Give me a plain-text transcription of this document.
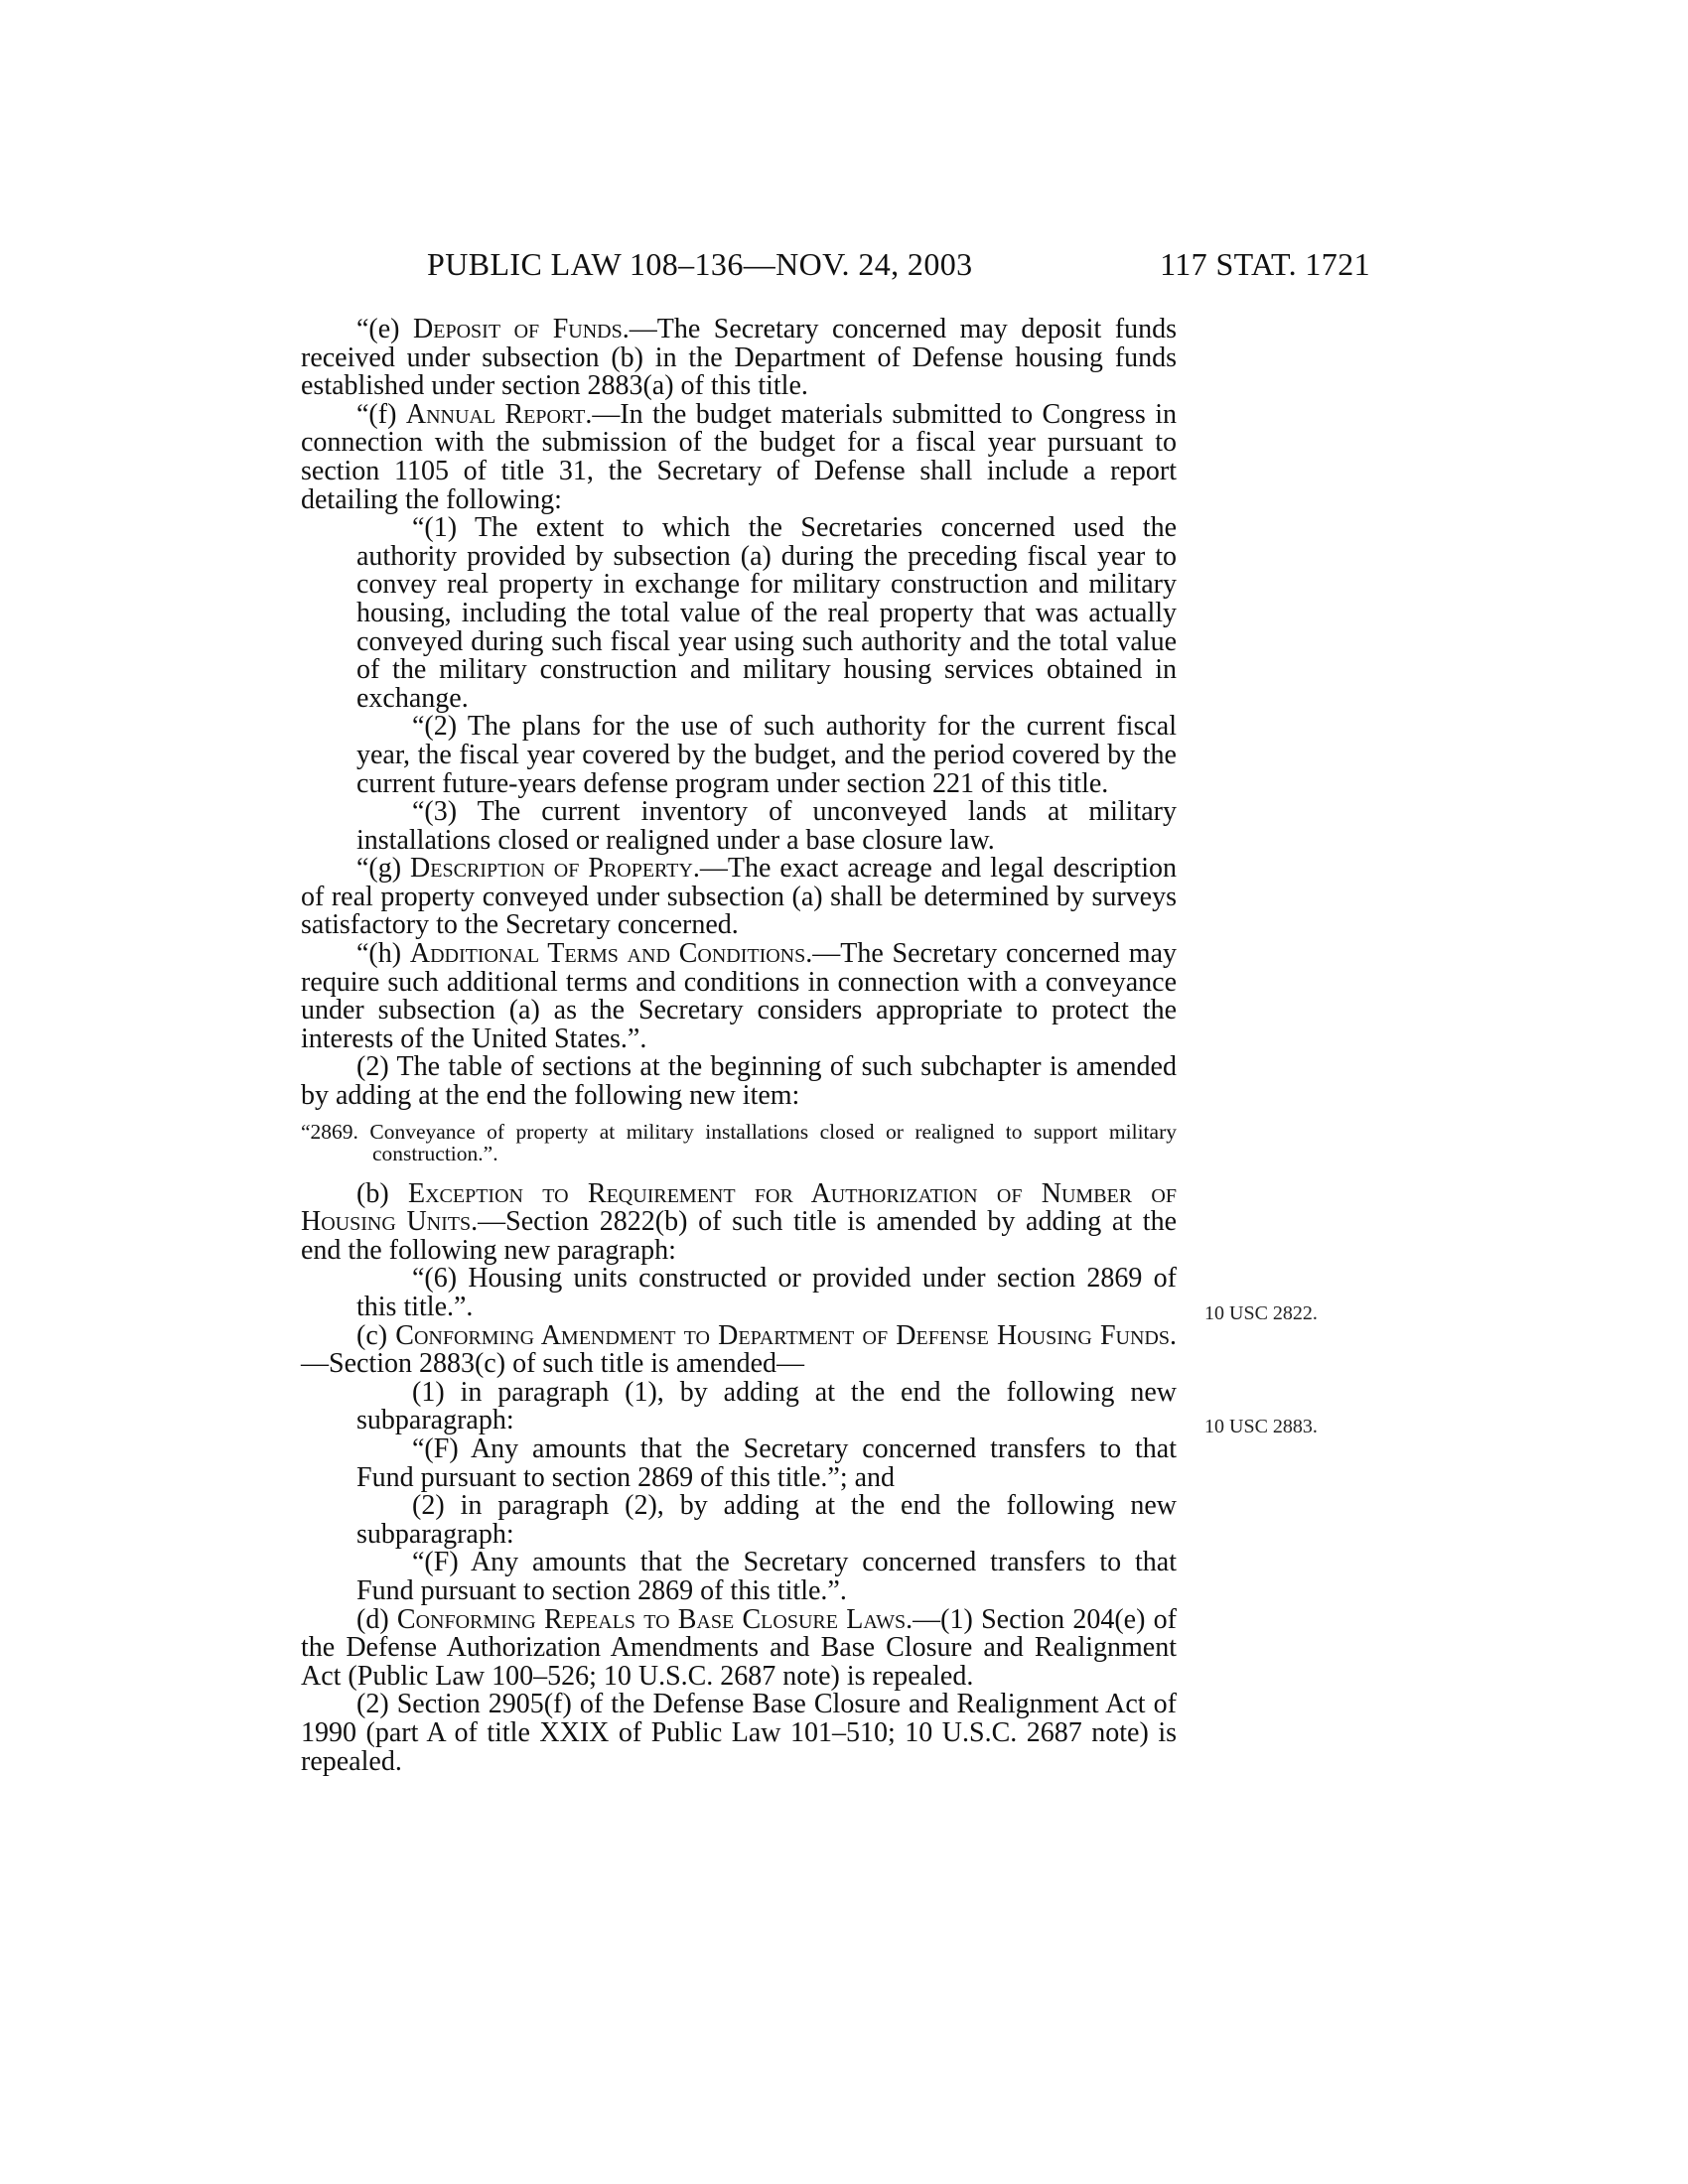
PUBLIC LAW 108–136—NOV. 24, 2003	117 STAT. 1721

“(e) Deposit of Funds.—The Secretary concerned may deposit funds received under subsection (b) in the Department of Defense housing funds established under section 2883(a) of this title.

“(f) Annual Report.—In the budget materials submitted to Congress in connection with the submission of the budget for a fiscal year pursuant to section 1105 of title 31, the Secretary of Defense shall include a report detailing the following:

“(1) The extent to which the Secretaries concerned used the authority provided by subsection (a) during the preceding fiscal year to convey real property in exchange for military construction and military housing, including the total value of the real property that was actually conveyed during such fiscal year using such authority and the total value of the military construction and military housing services obtained in exchange.

“(2) The plans for the use of such authority for the current fiscal year, the fiscal year covered by the budget, and the period covered by the current future-years defense program under section 221 of this title.

“(3) The current inventory of unconveyed lands at military installations closed or realigned under a base closure law.

“(g) Description of Property.—The exact acreage and legal description of real property conveyed under subsection (a) shall be determined by surveys satisfactory to the Secretary concerned.

“(h) Additional Terms and Conditions.—The Secretary concerned may require such additional terms and conditions in connection with a conveyance under subsection (a) as the Secretary considers appropriate to protect the interests of the United States.”.

(2) The table of sections at the beginning of such subchapter is amended by adding at the end the following new item:

“2869. Conveyance of property at military installations closed or realigned to support military construction.”.

(b) Exception to Requirement for Authorization of Number of Housing Units.—Section 2822(b) of such title is amended by adding at the end the following new paragraph:

“(6) Housing units constructed or provided under section 2869 of this title.”.

(c) Conforming Amendment to Department of Defense Housing Funds.—Section 2883(c) of such title is amended—

(1) in paragraph (1), by adding at the end the following new subparagraph:

“(F) Any amounts that the Secretary concerned transfers to that Fund pursuant to section 2869 of this title.”; and

(2) in paragraph (2), by adding at the end the following new subparagraph:

“(F) Any amounts that the Secretary concerned transfers to that Fund pursuant to section 2869 of this title.”.

(d) Conforming Repeals to Base Closure Laws.—(1) Section 204(e) of the Defense Authorization Amendments and Base Closure and Realignment Act (Public Law 100–526; 10 U.S.C. 2687 note) is repealed.

(2) Section 2905(f) of the Defense Base Closure and Realignment Act of 1990 (part A of title XXIX of Public Law 101–510; 10 U.S.C. 2687 note) is repealed.

10 USC 2822.
10 USC 2883.
